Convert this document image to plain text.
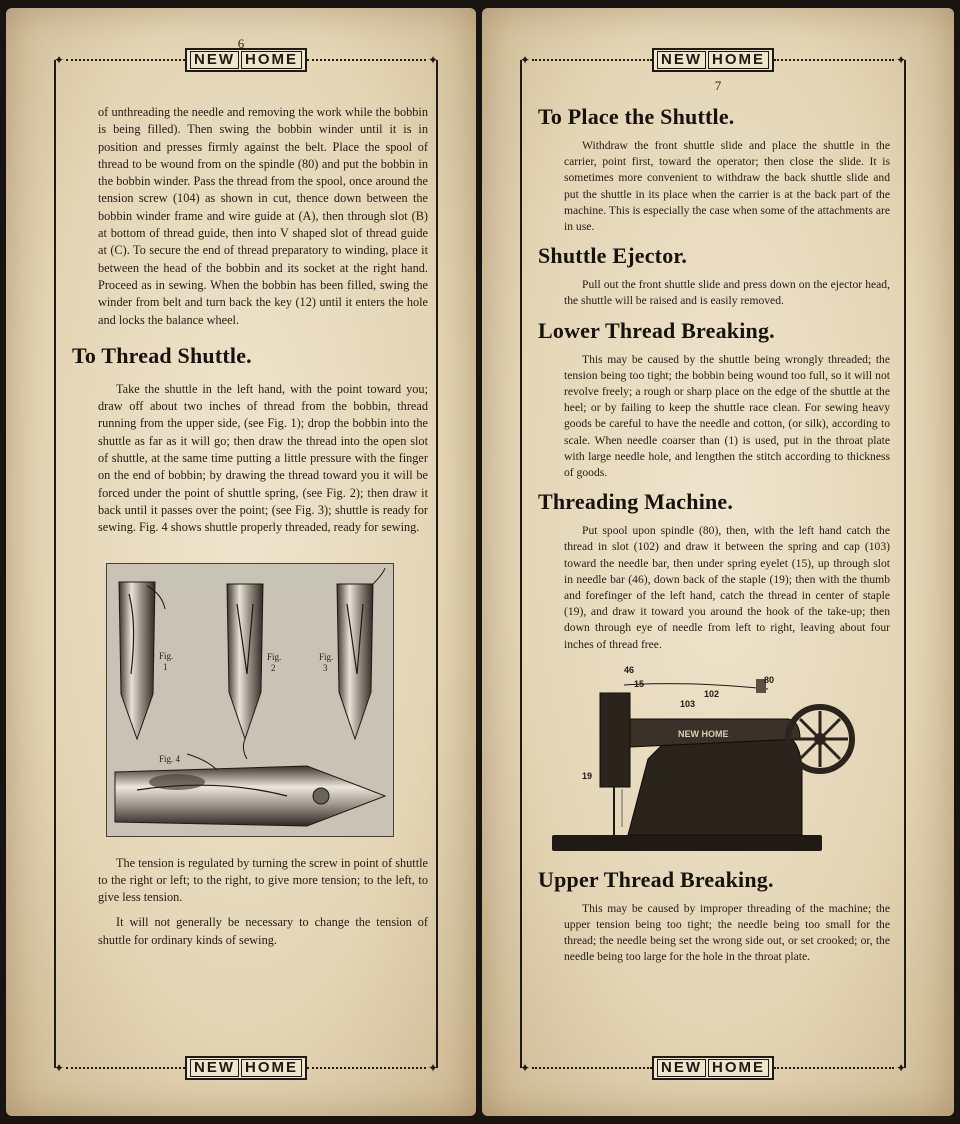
✦	NEW HOME	✦
✦	NEW HOME	✦
6

of unthreading the needle and removing the work while the bobbin is being filled). Then swing the bobbin winder until it is in position and presses firmly against the belt. Place the spool of thread to be wound from on the spindle (80) and put the bobbin in the bobbin winder. Pass the thread from the spool, once around the tension screw (104) as shown in cut, thence down between the bobbin winder frame and wire guide at (A), then through slot (B) at bottom of thread guide, then into V shaped slot of thread guide at (C). To secure the end of thread preparatory to winding, place it between the head of the bobbin and its socket at the right hand. Proceed as in sewing. When the bobbin has been filled, swing the winder from belt and turn back the key (12) until it enters the hole and locks the balance wheel.

To Thread Shuttle.

Take the shuttle in the left hand, with the point toward you; draw off about two inches of thread from the bobbin, thread running from the upper side, (see Fig. 1); drop the bobbin into the shuttle as far as it will go; then draw the thread into the open slot of shuttle, at the same time putting a little pressure with the finger on the end of bobbin; by drawing the thread toward you it will be forced under the point of shuttle spring, (see Fig. 2); then draw it back until it passes over the point; (see Fig. 3); shuttle is ready for sewing. Fig. 4 shows shuttle properly threaded, ready for sewing.

Fig.
1
Fig.
2
Fig.
3
Fig. 4

The tension is regulated by turning the screw in point of shuttle to the right or left; to the right, to give more tension; to the left, to give less tension.

It will not generally be necessary to change the tension of shuttle for ordinary kinds of sewing.

✦	NEW HOME	✦
✦	NEW HOME	✦
7
To Place the Shuttle.

Withdraw the front shuttle slide and place the shuttle in the carrier, point first, toward the operator; then close the slide. It is sometimes more convenient to withdraw the back shuttle slide and put the shuttle in its place when the carrier is at the back part of the machine. This is especially the case when some of the attachments are in use.

Shuttle Ejector.

Pull out the front shuttle slide and press down on the ejector head, the shuttle will be raised and is easily removed.

Lower Thread Breaking.

This may be caused by the shuttle being wrongly threaded; the tension being too tight; the bobbin being wound too full, so it will not revolve freely; a rough or sharp place on the edge of the shuttle at the heel; or by failing to keep the shuttle race clean. For sewing heavy goods be careful to have the needle and cotton, (or silk), according to scale. When needle coarser than (1) is used, put in the throat plate with large needle hole, and lengthen the stitch according to thickness of goods.

Threading Machine.

Put spool upon spindle (80), then, with the left hand catch the thread in slot (102) and draw it between the spring and cap (103) toward the needle bar, then under spring eyelet (15), up through slot in needle bar (46), down back of the staple (19); then with the thumb and forefinger of the left hand, catch the thread in center of staple (19), and draw it toward you around the hook of the take-up; then down through eye of needle from left to right, leaving about four inches of thread free.

NEW HOME
46
15
102
103
80
19
Upper Thread Breaking.

This may be caused by improper threading of the machine; the upper tension being too tight; the needle being too small for the thread; the needle being set the wrong side out, or set crooked; or, the needle being too large for the hole in the throat plate.
